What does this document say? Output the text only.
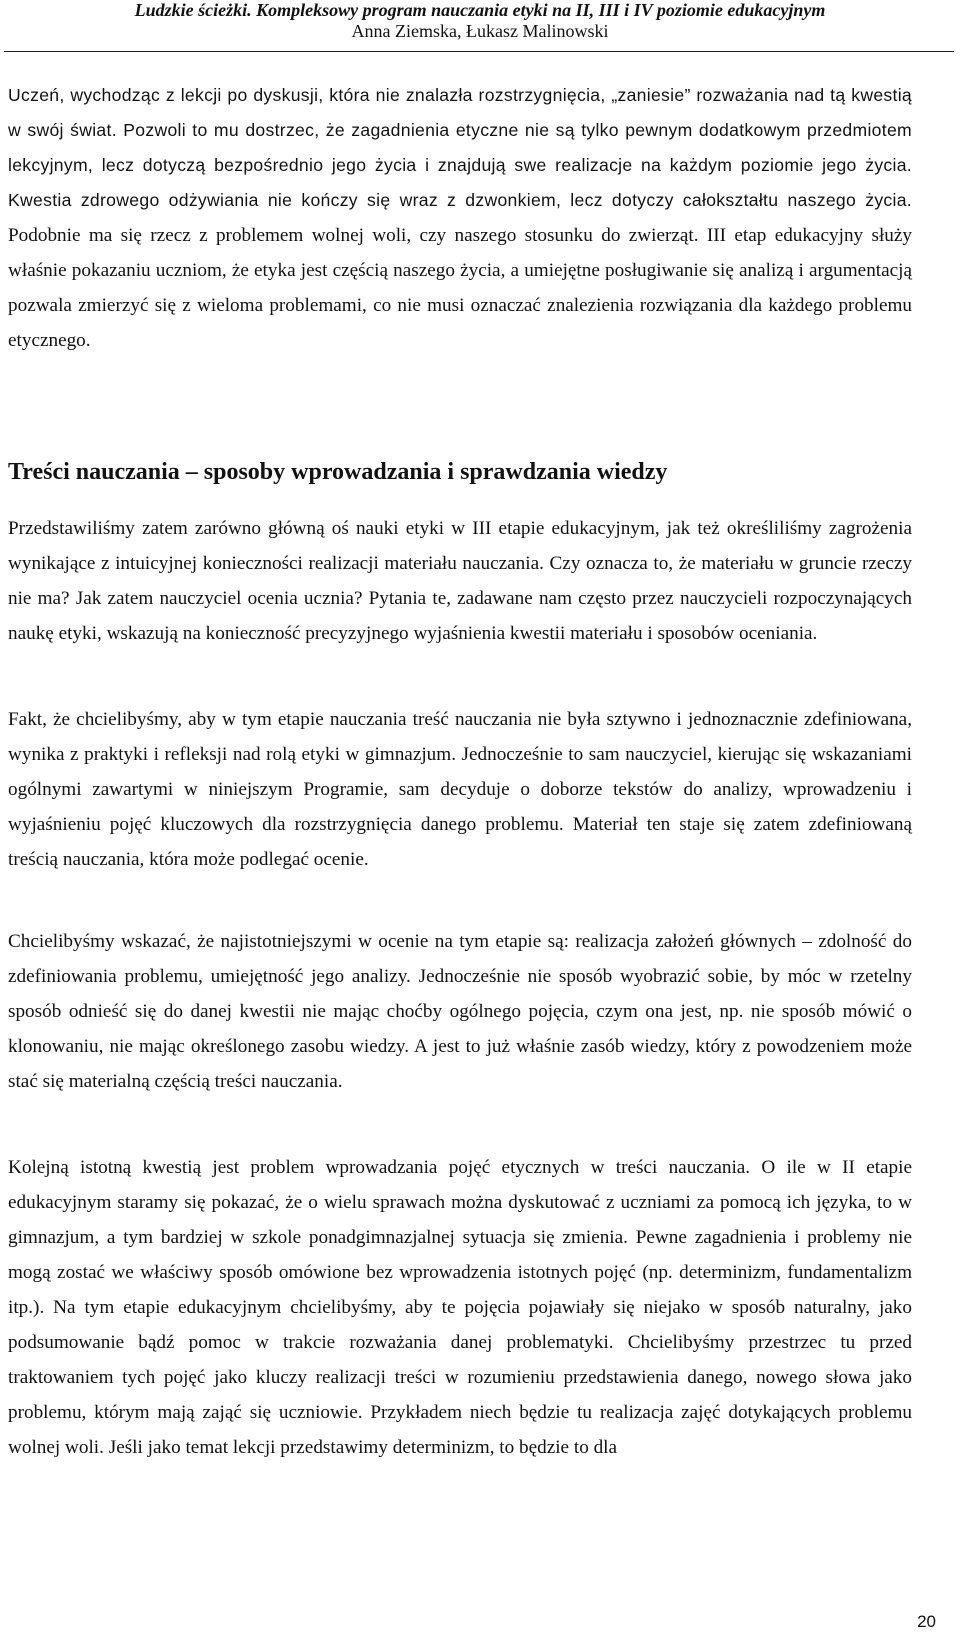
Ludzkie ścieżki. Kompleksowy program nauczania etyki na II, III i IV poziomie edukacyjnym
Anna Ziemska, Łukasz Malinowski

Uczeń, wychodząc z lekcji po dyskusji, która nie znalazła rozstrzygnięcia, „zaniesie” rozważania nad tą kwestią w swój świat. Pozwoli to mu dostrzec, że zagadnienia etyczne nie są tylko pewnym dodatkowym przedmiotem lekcyjnym, lecz dotyczą bezpośrednio jego życia i znajdują swe realizacje na każdym poziomie jego życia. Kwestia zdrowego odżywiania nie kończy się wraz z dzwonkiem, lecz dotyczy całokształtu naszego życia. Podobnie ma się rzecz z problemem wolnej woli, czy naszego stosunku do zwierząt. III etap edukacyjny służy właśnie pokazaniu uczniom, że etyka jest częścią naszego życia, a umiejętne posługiwanie się analizą i argumentacją pozwala zmierzyć się z wieloma problemami, co nie musi oznaczać znalezienia rozwiązania dla każdego problemu etycznego.

Treści nauczania – sposoby wprowadzania i sprawdzania wiedzy

Przedstawiliśmy zatem zarówno główną oś nauki etyki w III etapie edukacyjnym, jak też określiliśmy zagrożenia wynikające z intuicyjnej konieczności realizacji materiału nauczania. Czy oznacza to, że materiału w gruncie rzeczy nie ma? Jak zatem nauczyciel ocenia ucznia? Pytania te, zadawane nam często przez nauczycieli rozpoczynających naukę etyki, wskazują na konieczność precyzyjnego wyjaśnienia kwestii materiału i sposobów oceniania.

Fakt, że chcielibyśmy, aby w tym etapie nauczania treść nauczania nie była sztywno i jednoznacznie zdefiniowana, wynika z praktyki i refleksji nad rolą etyki w gimnazjum. Jednocześnie to sam nauczyciel, kierując się wskazaniami ogólnymi zawartymi w niniejszym Programie, sam decyduje o doborze tekstów do analizy, wprowadzeniu i wyjaśnieniu pojęć kluczowych dla rozstrzygnięcia danego problemu. Materiał ten staje się zatem zdefiniowaną treścią nauczania, która może podlegać ocenie.

Chcielibyśmy wskazać, że najistotniejszymi w ocenie na tym etapie są: realizacja założeń głównych – zdolność do zdefiniowania problemu, umiejętność jego analizy. Jednocześnie nie sposób wyobrazić sobie, by móc w rzetelny sposób odnieść się do danej kwestii nie mając choćby ogólnego pojęcia, czym ona jest, np. nie sposób mówić o klonowaniu, nie mając określonego zasobu wiedzy. A jest to już właśnie zasób wiedzy, który z powodzeniem może stać się materialną częścią treści nauczania.

Kolejną istotną kwestią jest problem wprowadzania pojęć etycznych w treści nauczania. O ile w II etapie edukacyjnym staramy się pokazać, że o wielu sprawach można dyskutować z uczniami za pomocą ich języka, to w gimnazjum, a tym bardziej w szkole ponadgimnazjalnej sytuacja się zmienia. Pewne zagadnienia i problemy nie mogą zostać we właściwy sposób omówione bez wprowadzenia istotnych pojęć (np. determinizm, fundamentalizm itp.). Na tym etapie edukacyjnym chcielibyśmy, aby te pojęcia pojawiały się niejako w sposób naturalny, jako podsumowanie bądź pomoc w trakcie rozważania danej problematyki. Chcielibyśmy przestrzec tu przed traktowaniem tych pojęć jako kluczy realizacji treści w rozumieniu przedstawienia danego, nowego słowa jako problemu, którym mają zająć się uczniowie. Przykładem niech będzie tu realizacja zajęć dotykających problemu wolnej woli. Jeśli jako temat lekcji przedstawimy determinizm, to będzie to dla

20
